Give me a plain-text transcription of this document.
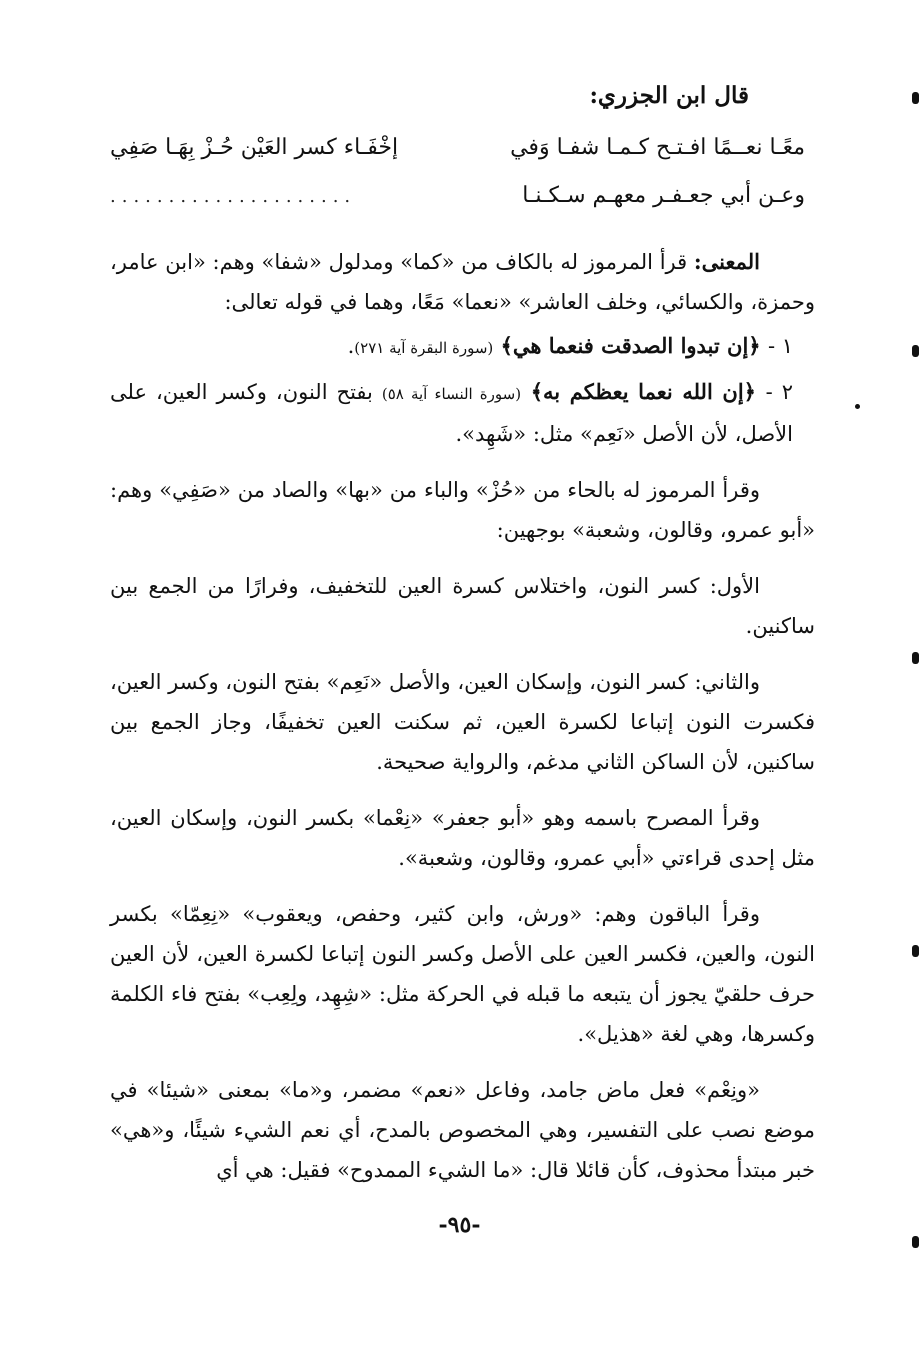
قال ابن الجزري:
معًـا نعــمًا افـتـح كـمـا شفـا وَفي
إخْفَـاء كسر العَيْن حُـزْ بِهَـا صَفِي
وعـن أبي جعـفـر معهـم سـكـنـا
.....................

المعنى: قرأ المرموز له بالكاف من «كما» ومدلول «شفا» وهم: «ابن عامر، وحمزة، والكسائي، وخلف العاشر» «نعما» مَعًا، وهما في قوله تعالى:

١ - ﴿إن تبدوا الصدقت فنعما هي﴾ (سورة البقرة آية ٢٧١).

٢ - ﴿إن الله نعما يعظكم به﴾ (سورة النساء آية ٥٨) بفتح النون، وكسر العين، على الأصل، لأن الأصل «نَعِم» مثل: «شَهِد».

وقرأ المرموز له بالحاء من «حُزْ» والباء من «بها» والصاد من «صَفِي» وهم: «أبو عمرو، وقالون، وشعبة» بوجهين:

الأول: كسر النون، واختلاس كسرة العين للتخفيف، وفرارًا من الجمع بين ساكنين.

والثاني: كسر النون، وإسكان العين، والأصل «نَعِم» بفتح النون، وكسر العين، فكسرت النون إتباعا لكسرة العين، ثم سكنت العين تخفيفًا، وجاز الجمع بين ساكنين، لأن الساكن الثاني مدغم، والرواية صحيحة.

وقرأ المصرح باسمه وهو «أبو جعفر» «نِعْما» بكسر النون، وإسكان العين، مثل إحدى قراءتي «أبي عمرو، وقالون، وشعبة».

وقرأ الباقون وهم: «ورش، وابن كثير، وحفص، ويعقوب» «نِعِمّا» بكسر النون، والعين، فكسر العين على الأصل وكسر النون إتباعا لكسرة العين، لأن العين حرف حلقيّ يجوز أن يتبعه ما قبله في الحركة مثل: «شِهِد، ولِعِب» بفتح فاء الكلمة وكسرها، وهي لغة «هذيل».

«ونِعْم» فعل ماض جامد، وفاعل «نعم» مضمر، و«ما» بمعنى «شيئا» في موضع نصب على التفسير، وهي المخصوص بالمدح، أي نعم الشيء شيئًا، و«هي» خبر مبتدأ محذوف، كأن قائلا قال: «ما الشيء الممدوح» فقيل: هي أي

-٩٥-
